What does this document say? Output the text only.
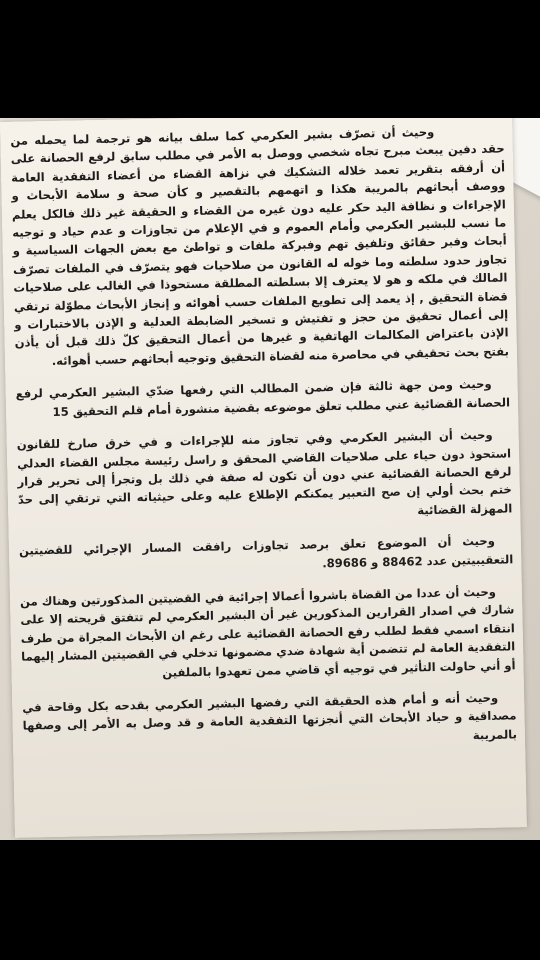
وحيث أن تصرّف بشير العكرمي كما سلف بيانه هو ترجمة لما يحمله من حقد دفين يبعث مبرح تجاه شخصي ووصل به الأمر في مطلب سابق لرفع الحصانة على أن أرفقه بتقرير تعمد خلاله التشكيك في نزاهة القضاء من أعضاء التفقدية العامة ووصف أبحاثهم بالمريبة هكذا و اتهمهم بالتقصير و كأن صحة و سلامة الأبحاث و الإجراءات و نظافة اليد حكر عليه دون غيره من القضاء و الحقيقة غير ذلك فالكل يعلم ما نسب للبشير العكرمي وأمام العموم و في الإعلام من تجاوزات و عدم حياد و توجيه أبحاث وفبر حقائق وتلفيق تهم وفبركة ملفات و تواطئ مع بعض الجهات السياسية و تجاوز حدود سلطته وما خوله له القانون من صلاحيات فهو يتصرّف في الملفات تصرّف المالك في ملكه و هو لا يعترف إلا بسلطته المطلقة مستحوذا في الغالب على صلاحيات قضاة التحقيق , إذ يعمد إلى تطويع الملفات حسب أهوائه و إنجاز الأبحاث مطوّلة ترتقي إلى أعمال تحقيق من حجز و تفتيش و تسخير الضابطة العدلية و الإذن بالاختبارات و الإذن باعتراض المكالمات الهاتفية و غيرها من أعمال التحقيق كلّ ذلك قبل أن يأذن بفتح بحث تحقيقي في محاصرة منه لقضاة التحقيق وتوجيه أبحاثهم حسب أهوائه.

وحيث ومن جهة ثالثة فإن ضمن المطالب التي رفعها ضدّي البشير العكرمي لرفع الحصانة القضائية عني مطلب تعلق موضوعه بقضية منشورة أمام قلم التحقيق 15

وحيث أن البشير العكرمي وفي تجاوز منه للإجراءات و في خرق صارخ للقانون استحوذ دون حياء على صلاحيات القاضي المحقق و راسل رئيسة مجلس القضاء العدلي لرفع الحصانة القضائية عني دون أن تكون له صفة في ذلك بل وتجرأ إلى تحرير قرار ختم بحث أولي إن صح التعبير يمكنكم الإطلاع عليه وعلى حيثياته التي ترتقي إلى حدّ المهزلة القضائية

وحيث أن الموضوع تعلق برصد تجاوزات رافقت المسار الإجرائي للقضيتين التعقيبيتين عدد 88462 و 89686.

وحيث أن عددا من القضاة باشروا أعمالا إجرائية في القضيتين المذكورتين وهناك من شارك في اصدار القرارين المذكورين غير أن البشير العكرمي لم تتفتق قريحته إلا على انتقاء اسمي فقط لطلب رفع الحصانة القضائية على رغم ان الأبحاث المجراة من طرف التفقدية العامة لم تتضمن أية شهادة ضدي مضمونها تدخلي في القضيتين المشار إليهما أو أني حاولت التأثير في توجيه أي قاضي ممن تعهدوا بالملفين

وحيث أنه و أمام هذه الحقيقة التي رفضها البشير العكرمي بقدحه بكل وقاحة في مصداقية و حياد الأبحاث التي أنجزتها التفقدية العامة و قد وصل به الأمر إلى وصفها بالمريبة
